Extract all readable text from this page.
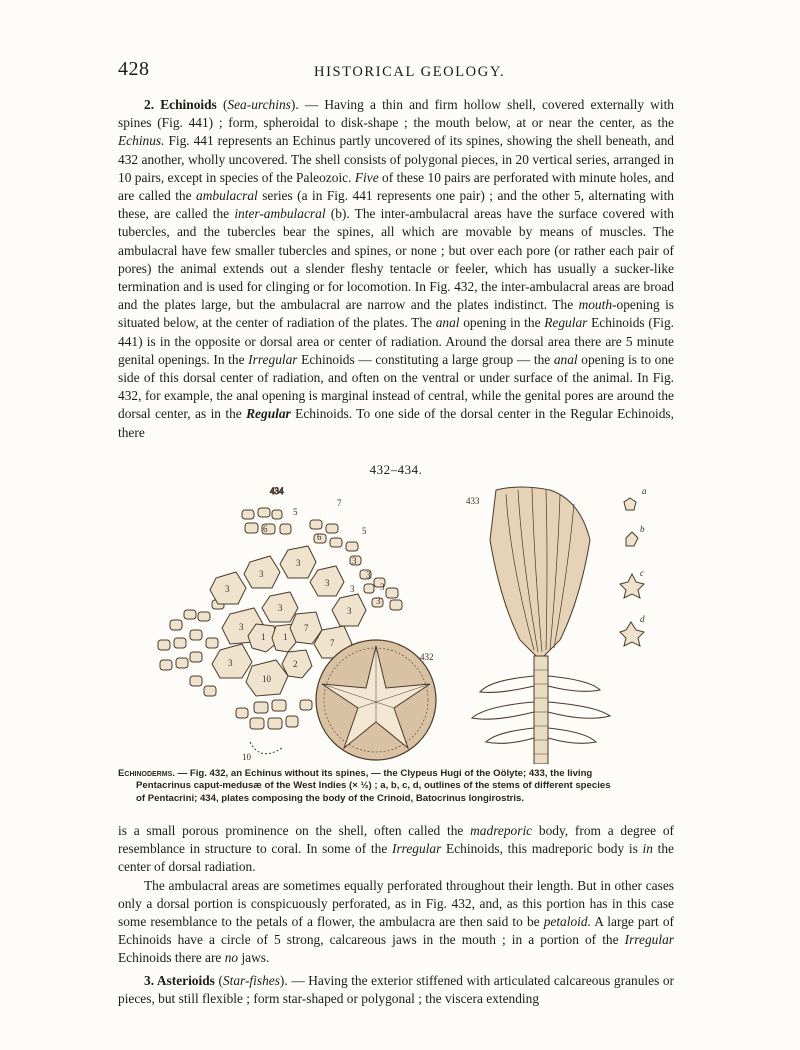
428	HISTORICAL GEOLOGY.

2. Echinoids (Sea-urchins). — Having a thin and firm hollow shell, covered externally with spines (Fig. 441) ; form, spheroidal to disk-shape ; the mouth below, at or near the center, as the Echinus. Fig. 441 represents an Echinus partly uncovered of its spines, showing the shell beneath, and 432 another, wholly uncovered. The shell consists of polygonal pieces, in 20 vertical series, arranged in 10 pairs, except in species of the Paleozoic. Five of these 10 pairs are perforated with minute holes, and are called the ambulacral series (a in Fig. 441 represents one pair) ; and the other 5, alternating with these, are called the inter-ambulacral (b). The inter-ambulacral areas have the surface covered with tubercles, and the tubercles bear the spines, all which are movable by means of muscles. The ambulacral have few smaller tubercles and spines, or none ; but over each pore (or rather each pair of pores) the animal extends out a slender fleshy tentacle or feeler, which has usually a sucker-like termination and is used for clinging or for locomotion. In Fig. 432, the inter-ambulacral areas are broad and the plates large, but the ambulacral are narrow and the plates indistinct. The mouth-opening is situated below, at the center of radiation of the plates. The anal opening in the Regular Echinoids (Fig. 441) is in the opposite or dorsal area or center of radiation. Around the dorsal area there are 5 minute genital openings. In the Irregular Echinoids — constituting a large group — the anal opening is to one side of this dorsal center of radiation, and often on the ventral or under surface of the animal. In Fig. 432, for example, the anal opening is marginal instead of central, while the genital pores are around the dorsal center, as in the Regular Echinoids. To one side of the dorsal center in the Regular Echinoids, there

432–434.
434
3
3
3
3
3
3
3
3
1 1
2
7
7
3
10
5
5
6
6
7
10
3
3
3
3
432
433
a
b
c
d
Echinoderms. — Fig. 432, an Echinus without its spines, — the Clypeus Hugi of the Oölyte; 433, the living
Pentacrinus caput-medusæ of the West Indies (× ½) ; a, b, c, d, outlines of the stems of different species
of Pentacrini; 434, plates composing the body of the Crinoid, Batocrinus longirostris.

is a small porous prominence on the shell, often called the madreporic body, from a degree of resemblance in structure to coral. In some of the Irregular Echinoids, this madreporic body is in the center of dorsal radiation.

The ambulacral areas are sometimes equally perforated throughout their length. But in other cases only a dorsal portion is conspicuously perforated, as in Fig. 432, and, as this portion has in this case some resemblance to the petals of a flower, the ambulacra are then said to be petaloid. A large part of Echinoids have a circle of 5 strong, calcareous jaws in the mouth ; in a portion of the Irregular Echinoids there are no jaws.

3. Asterioids (Star-fishes). — Having the exterior stiffened with articulated calcareous granules or pieces, but still flexible ; form star-shaped or polygonal ; the viscera extending
